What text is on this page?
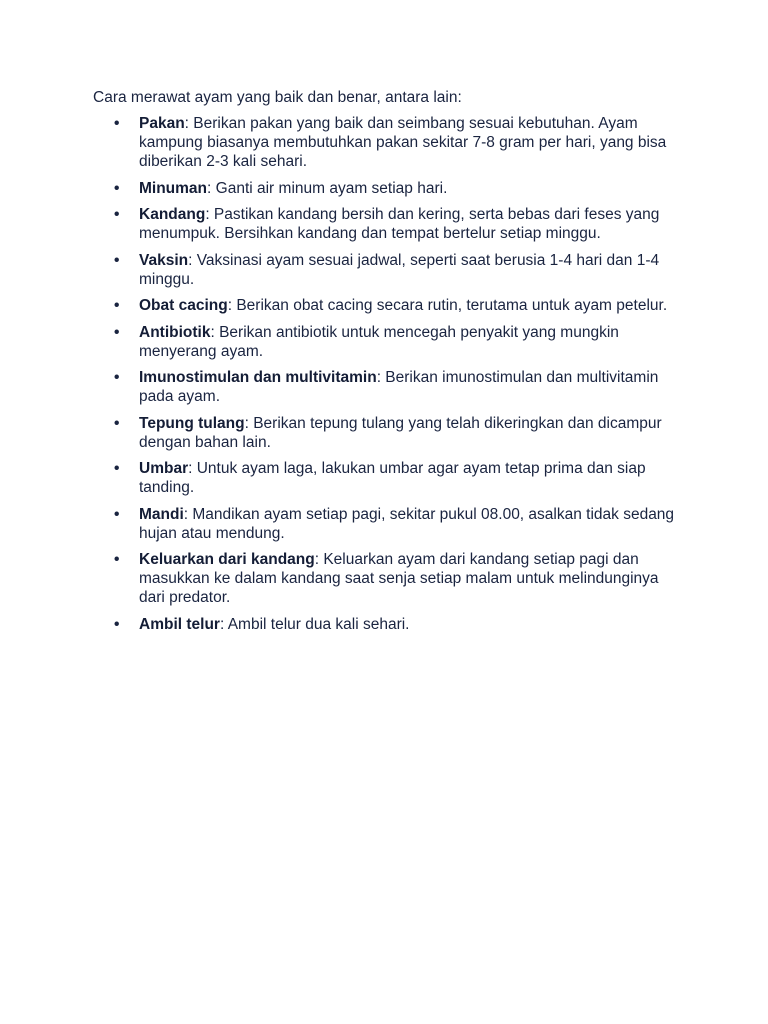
Cara merawat ayam yang baik dan benar, antara lain:

• Pakan: Berikan pakan yang baik dan seimbang sesuai kebutuhan. Ayam kampung biasanya membutuhkan pakan sekitar 7-8 gram per hari, yang bisa diberikan 2-3 kali sehari.
• Minuman: Ganti air minum ayam setiap hari.
• Kandang: Pastikan kandang bersih dan kering, serta bebas dari feses yang menumpuk. Bersihkan kandang dan tempat bertelur setiap minggu.
• Vaksin: Vaksinasi ayam sesuai jadwal, seperti saat berusia 1-4 hari dan 1-4 minggu.
• Obat cacing: Berikan obat cacing secara rutin, terutama untuk ayam petelur.
• Antibiotik: Berikan antibiotik untuk mencegah penyakit yang mungkin menyerang ayam.
• Imunostimulan dan multivitamin: Berikan imunostimulan dan multivitamin pada ayam.
• Tepung tulang: Berikan tepung tulang yang telah dikeringkan dan dicampur dengan bahan lain.
• Umbar: Untuk ayam laga, lakukan umbar agar ayam tetap prima dan siap tanding.
• Mandi: Mandikan ayam setiap pagi, sekitar pukul 08.00, asalkan tidak sedang hujan atau mendung.
• Keluarkan dari kandang: Keluarkan ayam dari kandang setiap pagi dan masukkan ke dalam kandang saat senja setiap malam untuk melindunginya dari predator.
• Ambil telur: Ambil telur dua kali sehari.
